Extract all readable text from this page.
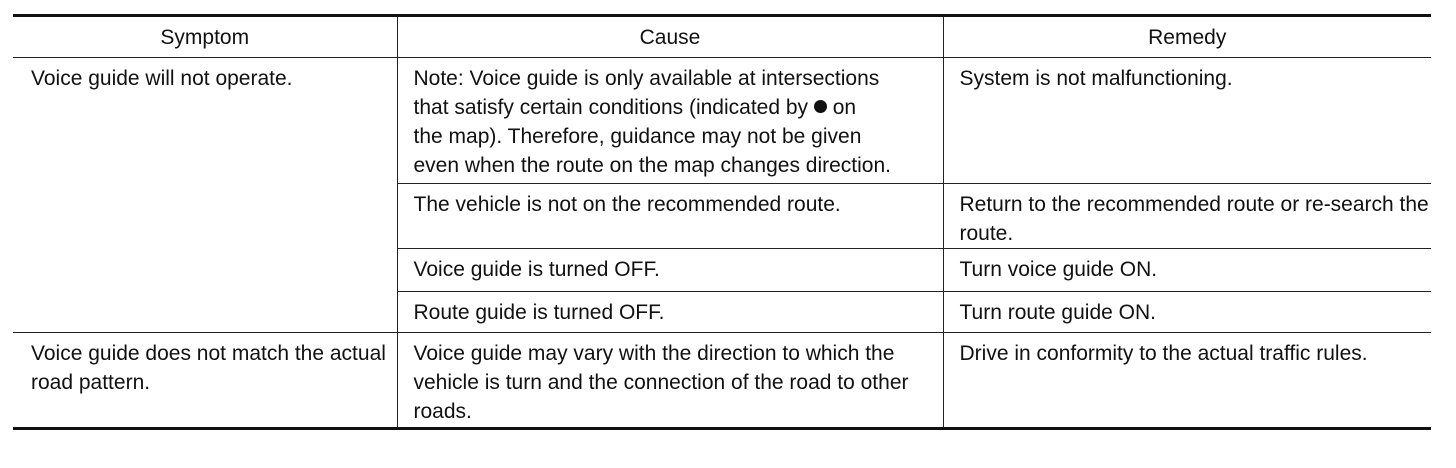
Symptom	Cause	Remedy
Voice guide will not operate.	Note: Voice guide is only available at intersections
that satisfy certain conditions (indicated by on
the map). Therefore, guidance may not be given
even when the route on the map changes direction.	System is not malfunctioning.
	The vehicle is not on the recommended route.	Return to the recommended route or re-search the route.
	Voice guide is turned OFF.	Turn voice guide ON.
	Route guide is turned OFF.	Turn route guide ON.
Voice guide does not match the actual road pattern.	Voice guide may vary with the direction to which the vehicle is turn and the connection of the road to other roads.	Drive in conformity to the actual traffic rules.
